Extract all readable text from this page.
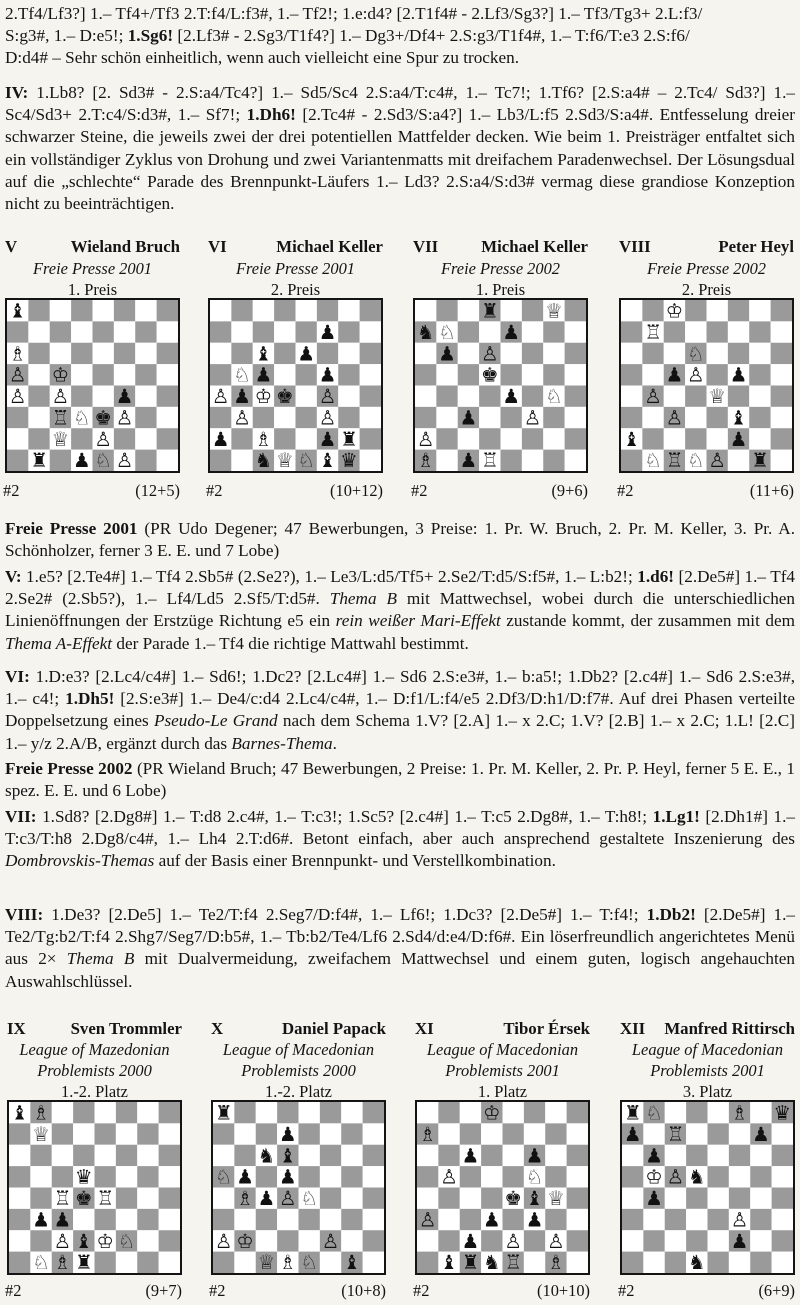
2.Tf4/Lf3?] 1.– Tf4+/Tf3 2.T:f4/L:f3#, 1.– Tf2!; 1.e:d4? [2.T1f4# - 2.Lf3/Sg3?] 1.– Tf3/Tg3+ 2.L:f3/
S:g3#, 1.– D:e5!; 1.Sg6! [2.Lf3# - 2.Sg3/T1f4?] 1.– Dg3+/Df4+ 2.S:g3/T1f4#, 1.– T:f6/T:e3 2.S:f6/
D:d4# – Sehr schön einheitlich, wenn auch vielleicht eine Spur zu trocken.

IV: 1.Lb8? [2. Sd3# - 2.S:a4/Tc4?] 1.– Sd5/Sc4 2.S:a4/T:c4#, 1.– Tc7!; 1.Tf6? [2.S:a4# – 2.Tc4/ Sd3?] 1.– Sc4/Sd3+ 2.T:c4/S:d3#, 1.– Sf7!; 1.Dh6! [2.Tc4# - 2.Sd3/S:a4?] 1.– Lb3/L:f5 2.Sd3/S:a4#. Entfesselung dreier schwarzer Steine, die jeweils zwei der drei potentiellen Mattfelder decken. Wie beim 1. Preisträger entfaltet sich ein vollständiger Zyklus von Drohung und zwei Variantenmatts mit dreifachem Paradenwechsel. Der Lösungsdual auf die „schlechte“ Parade des Brennpunkt-Läufers 1.– Ld3? 2.S:a4/S:d3# vermag diese grandiose Konzeption nicht zu beeinträchtigen.

V	Wieland Bruch
Freie Presse 2001
1. Preis
#2	(12+5)
VI	Michael Keller
Freie Presse 2001
2. Preis
#2	(10+12)
VII	Michael Keller
Freie Presse 2002
1. Preis
#2	(9+6)
VIII	Peter Heyl
Freie Presse 2002
2. Preis
#2	(11+6)

Freie Presse 2001 (PR Udo Degener; 47 Bewerbungen, 3 Preise: 1. Pr. W. Bruch, 2. Pr. M. Keller, 3. Pr. A. Schönholzer, ferner 3 E. E. und 7 Lobe)

V: 1.e5? [2.Te4#] 1.– Tf4 2.Sb5# (2.Se2?), 1.– Le3/L:d5/Tf5+ 2.Se2/T:d5/S:f5#, 1.– L:b2!; 1.d6! [2.De5#] 1.– Tf4 2.Se2# (2.Sb5?), 1.– Lf4/Ld5 2.Sf5/T:d5#. Thema B mit Mattwechsel, wobei durch die unterschiedlichen Linienöffnungen der Erstzüge Richtung e5 ein rein weißer Mari-Effekt zustande kommt, der zusammen mit dem Thema A-Effekt der Parade 1.– Tf4 die richtige Mattwahl bestimmt.

VI: 1.D:e3? [2.Lc4/c4#] 1.– Sd6!; 1.Dc2? [2.Lc4#] 1.– Sd6 2.S:e3#, 1.– b:a5!; 1.Db2? [2.c4#] 1.– Sd6 2.S:e3#, 1.– c4!; 1.Dh5! [2.S:e3#] 1.– De4/c:d4 2.Lc4/c4#, 1.– D:f1/L:f4/e5 2.Df3/D:h1/D:f7#. Auf drei Phasen verteilte Doppelsetzung eines Pseudo-Le Grand nach dem Schema 1.V? [2.A] 1.– x 2.C; 1.V? [2.B] 1.– x 2.C; 1.L! [2.C] 1.– y/z 2.A/B, ergänzt durch das Barnes-Thema.

Freie Presse 2002 (PR Wieland Bruch; 47 Bewerbungen, 2 Preise: 1. Pr. M. Keller, 2. Pr. P. Heyl, ferner 5 E. E., 1 spez. E. E. und 6 Lobe)

VII: 1.Sd8? [2.Dg8#] 1.– T:d8 2.c4#, 1.– T:c3!; 1.Sc5? [2.c4#] 1.– T:c5 2.Dg8#, 1.– T:h8!; 1.Lg1! [2.Dh1#] 1.– T:c3/T:h8 2.Dg8/c4#, 1.– Lh4 2.T:d6#. Betont einfach, aber auch ansprechend gestaltete Inszenierung des Dombrovskis-Themas auf der Basis einer Brennpunkt- und Verstellkombination.

VIII: 1.De3? [2.De5] 1.– Te2/T:f4 2.Seg7/D:f4#, 1.– Lf6!; 1.Dc3? [2.De5#] 1.– T:f4!; 1.Db2! [2.De5#] 1.– Te2/Tg:b2/T:f4 2.Shg7/Seg7/D:b5#, 1.– Tb:b2/Te4/Lf6 2.Sd4/d:e4/D:f6#. Ein löserfreundlich angerichtetes Menü aus 2× Thema B mit Dualvermeidung, zweifachem Mattwechsel und einem guten, logisch angehauchten Auswahlschlüssel.

IX	Sven Trommler
League of Mazedonian
Problemists 2000
1.-2. Platz
#2	(9+7)
X	Daniel Papack
League of Macedonian
Problemists 2000
1.-2. Platz
#2	(10+8)
XI	Tibor Érsek
League of Macedonian
Problemists 2001
1. Platz
#2	(10+10)
XII Manfred Rittirsch
League of Macedonian
Problemists 2001
3. Platz
#2	(6+9)
